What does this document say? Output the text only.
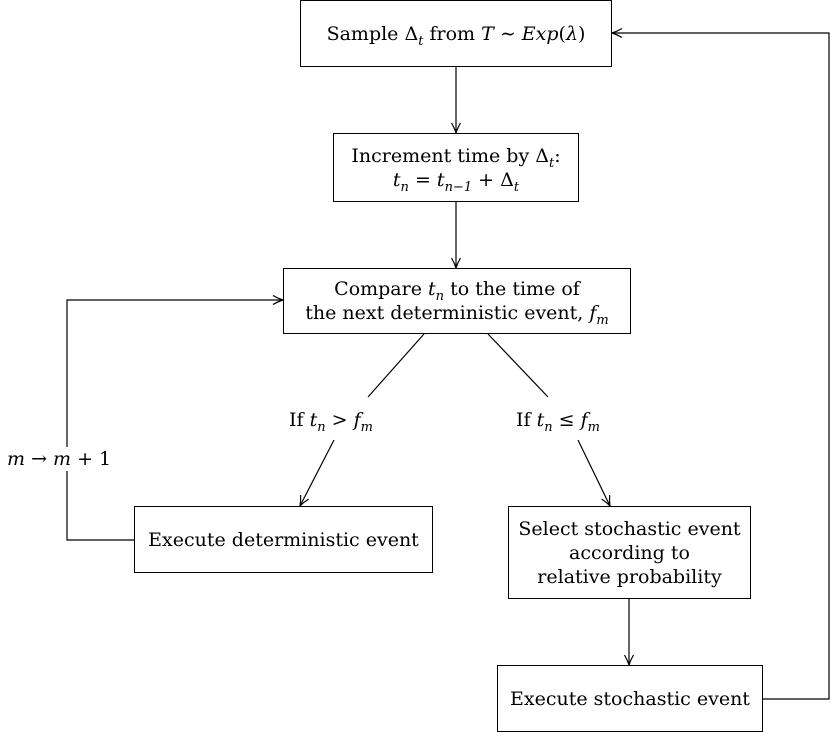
Sample $\Delta_t$ from T ∼ Exp(λ)
Increment time by $\Delta_t$:
$t_n = t_{n-1} + \Delta_t$
Compare $t_n$ to the time of
the next deterministic event, $f_m$
If $t_n > f_m$	If $t_n \le f_m$
m → m + 1
Execute deterministic event	Select stochastic event
according to
relative probability
Execute stochastic event
